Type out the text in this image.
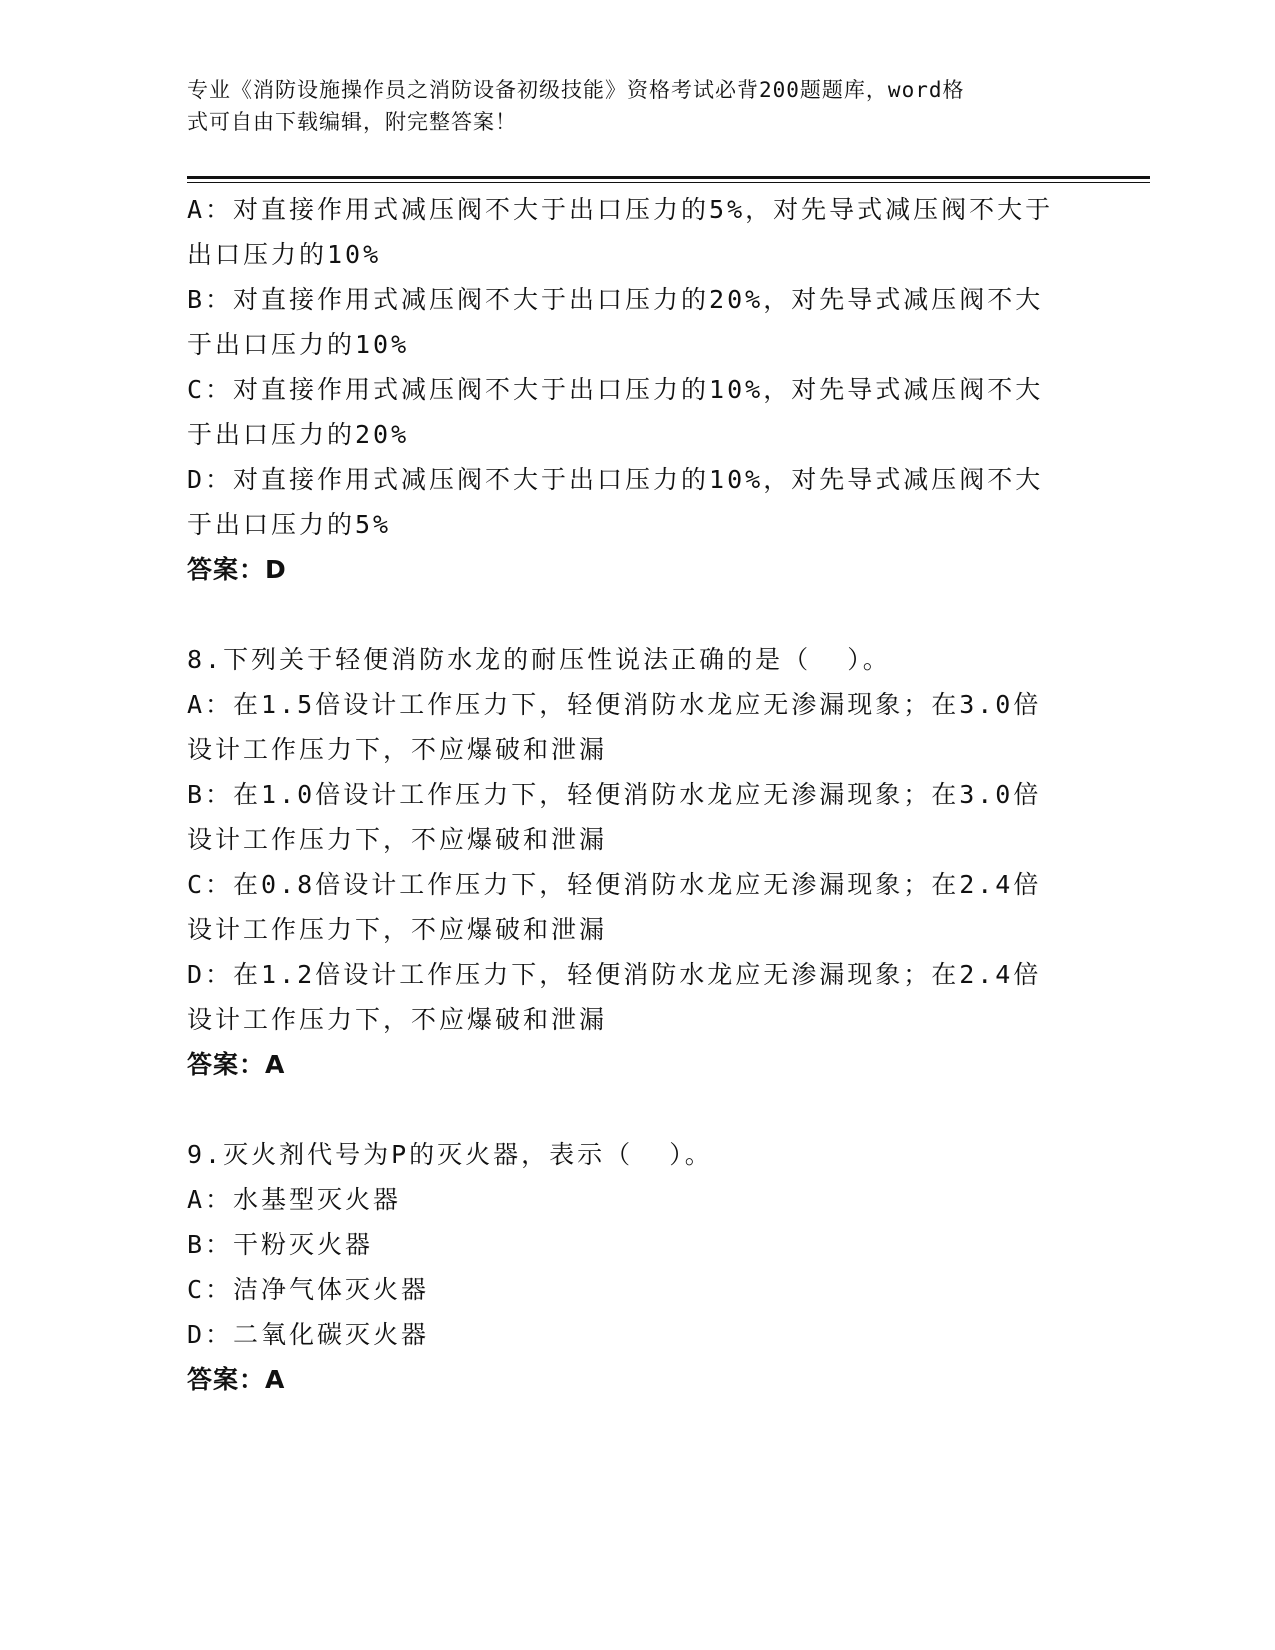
专业《消防设施操作员之消防设备初级技能》资格考试必背200题题库，word格
式可自由下载编辑，附完整答案！
A：对直接作用式减压阀不大于出口压力的5%，对先导式减压阀不大于
出口压力的10%
B：对直接作用式减压阀不大于出口压力的20%，对先导式减压阀不大
于出口压力的10%
C：对直接作用式减压阀不大于出口压力的10%，对先导式减压阀不大
于出口压力的20%
D：对直接作用式减压阀不大于出口压力的10%，对先导式减压阀不大
于出口压力的5%
答案：D
8.下列关于轻便消防水龙的耐压性说法正确的是（  ）。
A：在1.5倍设计工作压力下，轻便消防水龙应无渗漏现象；在3.0倍
设计工作压力下，不应爆破和泄漏
B：在1.0倍设计工作压力下，轻便消防水龙应无渗漏现象；在3.0倍
设计工作压力下，不应爆破和泄漏
C：在0.8倍设计工作压力下，轻便消防水龙应无渗漏现象；在2.4倍
设计工作压力下，不应爆破和泄漏
D：在1.2倍设计工作压力下，轻便消防水龙应无渗漏现象；在2.4倍
设计工作压力下，不应爆破和泄漏
答案：A
9.灭火剂代号为P的灭火器，表示（  ）。
A：水基型灭火器
B：干粉灭火器
C：洁净气体灭火器
D：二氧化碳灭火器
答案：A
